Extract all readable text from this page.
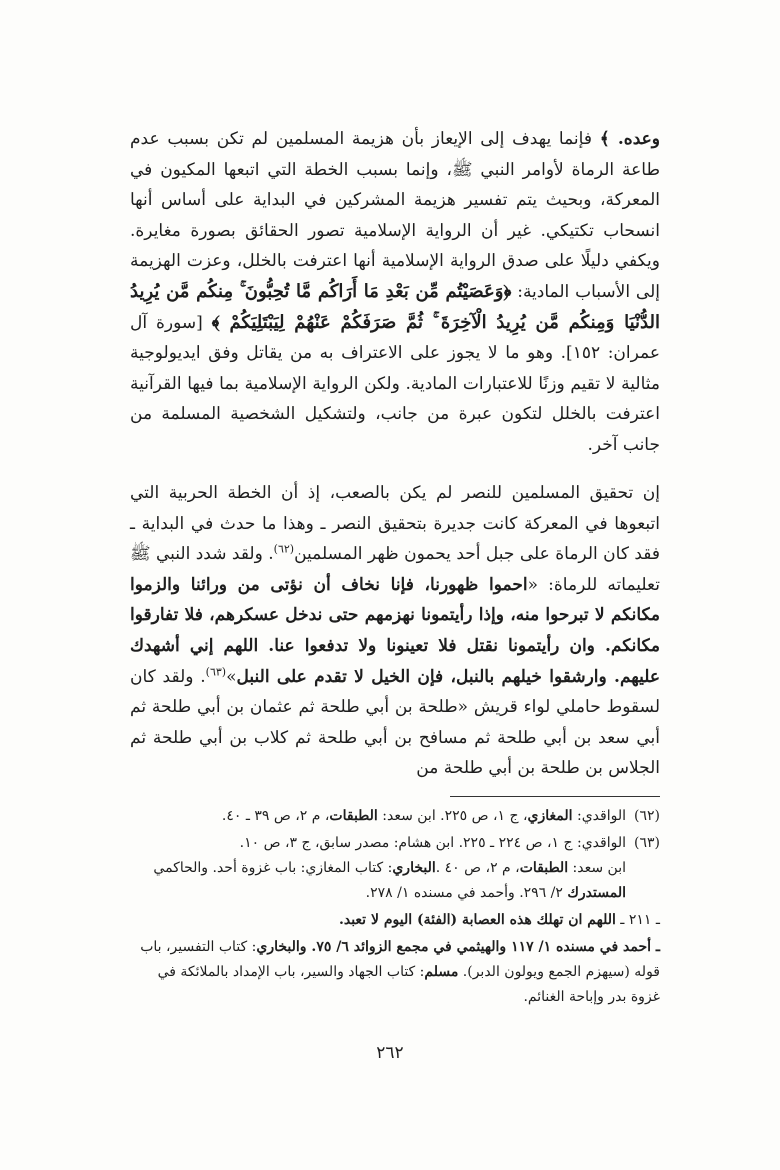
وعده. ﴾ فإنما يهدف إلى الإيعاز بأن هزيمة المسلمين لم تكن بسبب عدم طاعة الرماة لأوامر النبي ﷺ، وإنما بسبب الخطة التي اتبعها المكيون في المعركة، وبحيث يتم تفسير هزيمة المشركين في البداية على أساس أنها انسحاب تكتيكي. غير أن الرواية الإسلامية تصور الحقائق بصورة مغايرة. ويكفي دليلًا على صدق الرواية الإسلامية أنها اعترفت بالخلل، وعزت الهزيمة إلى الأسباب المادية: ﴿وَعَصَيْتُم مِّن بَعْدِ مَا أَرَاكُم مَّا تُحِبُّونَ ۚ مِنكُم مَّن يُرِيدُ الدُّنْيَا وَمِنكُم مَّن يُرِيدُ الْآخِرَةَ ۚ ثُمَّ صَرَفَكُمْ عَنْهُمْ لِيَبْتَلِيَكُمْ ﴾ [سورة آل عمران: ١٥٢]. وهو ما لا يجوز على الاعتراف به من يقاتل وفق ايديولوجية مثالية لا تقيم وزنًا للاعتبارات المادية. ولكن الرواية الإسلامية بما فيها القرآنية اعترفت بالخلل لتكون عبرة من جانب، ولتشكيل الشخصية المسلمة من جانب آخر.

إن تحقيق المسلمين للنصر لم يكن بالصعب، إذ أن الخطة الحربية التي اتبعوها في المعركة كانت جديرة بتحقيق النصر ـ وهذا ما حدث في البداية ـ فقد كان الرماة على جبل أحد يحمون ظهر المسلمين$^{(٦٢)}$. ولقد شدد النبي ﷺ تعليماته للرماة: «احموا ظهورنا، فإنا نخاف أن نؤتى من ورائنا والزموا مكانكم لا تبرحوا منه، وإذا رأيتمونا نهزمهم حتى ندخل عسكرهم، فلا تفارقوا مكانكم. وان رأيتمونا نقتل فلا تعينونا ولا تدفعوا عنا. اللهم إني أشهدك عليهم. وارشقوا خيلهم بالنبل، فإن الخيل لا تقدم على النبل»$^{(٦٣)}$. ولقد كان لسقوط حاملي لواء قريش «طلحة بن أبي طلحة ثم عثمان بن أبي طلحة ثم أبي سعد بن أبي طلحة ثم مسافح بن أبي طلحة ثم كلاب بن أبي طلحة ثم الجلاس بن طلحة بن أبي طلحة من

(٦٢)الواقدي: المغازي، ج ١، ص ٢٢٥. ابن سعد: الطبقات، م ٢، ص ٣٩ ـ ٤٠.

(٦٣)الواقدي: ج ١، ص ٢٢٤ ـ ٢٢٥. ابن هشام: مصدر سابق، ج ٣، ص ١٠.
ابن سعد: الطبقات، م ٢، ص ٤٠ .البخاري: كتاب المغازي: باب غزوة أحد. والحاكمي المستدرك ٢/ ٢٩٦. وأحمد في مسنده ١/ ٢٧٨.

ـ ٢١١ ـ اللهم ان تهلك هذه العصابة (الفئة) اليوم لا تعبد.

ـ أحمد في مسنده ١/ ١١٧ والهيثمي في مجمع الزوائد ٦/ ٧٥. والبخاري: كتاب التفسير، باب قوله (سيهزم الجمع ويولون الدبر). مسلم: كتاب الجهاد والسير، باب الإمداد بالملائكة في غزوة بدر وإباحة الغنائم.

٢٦٢
